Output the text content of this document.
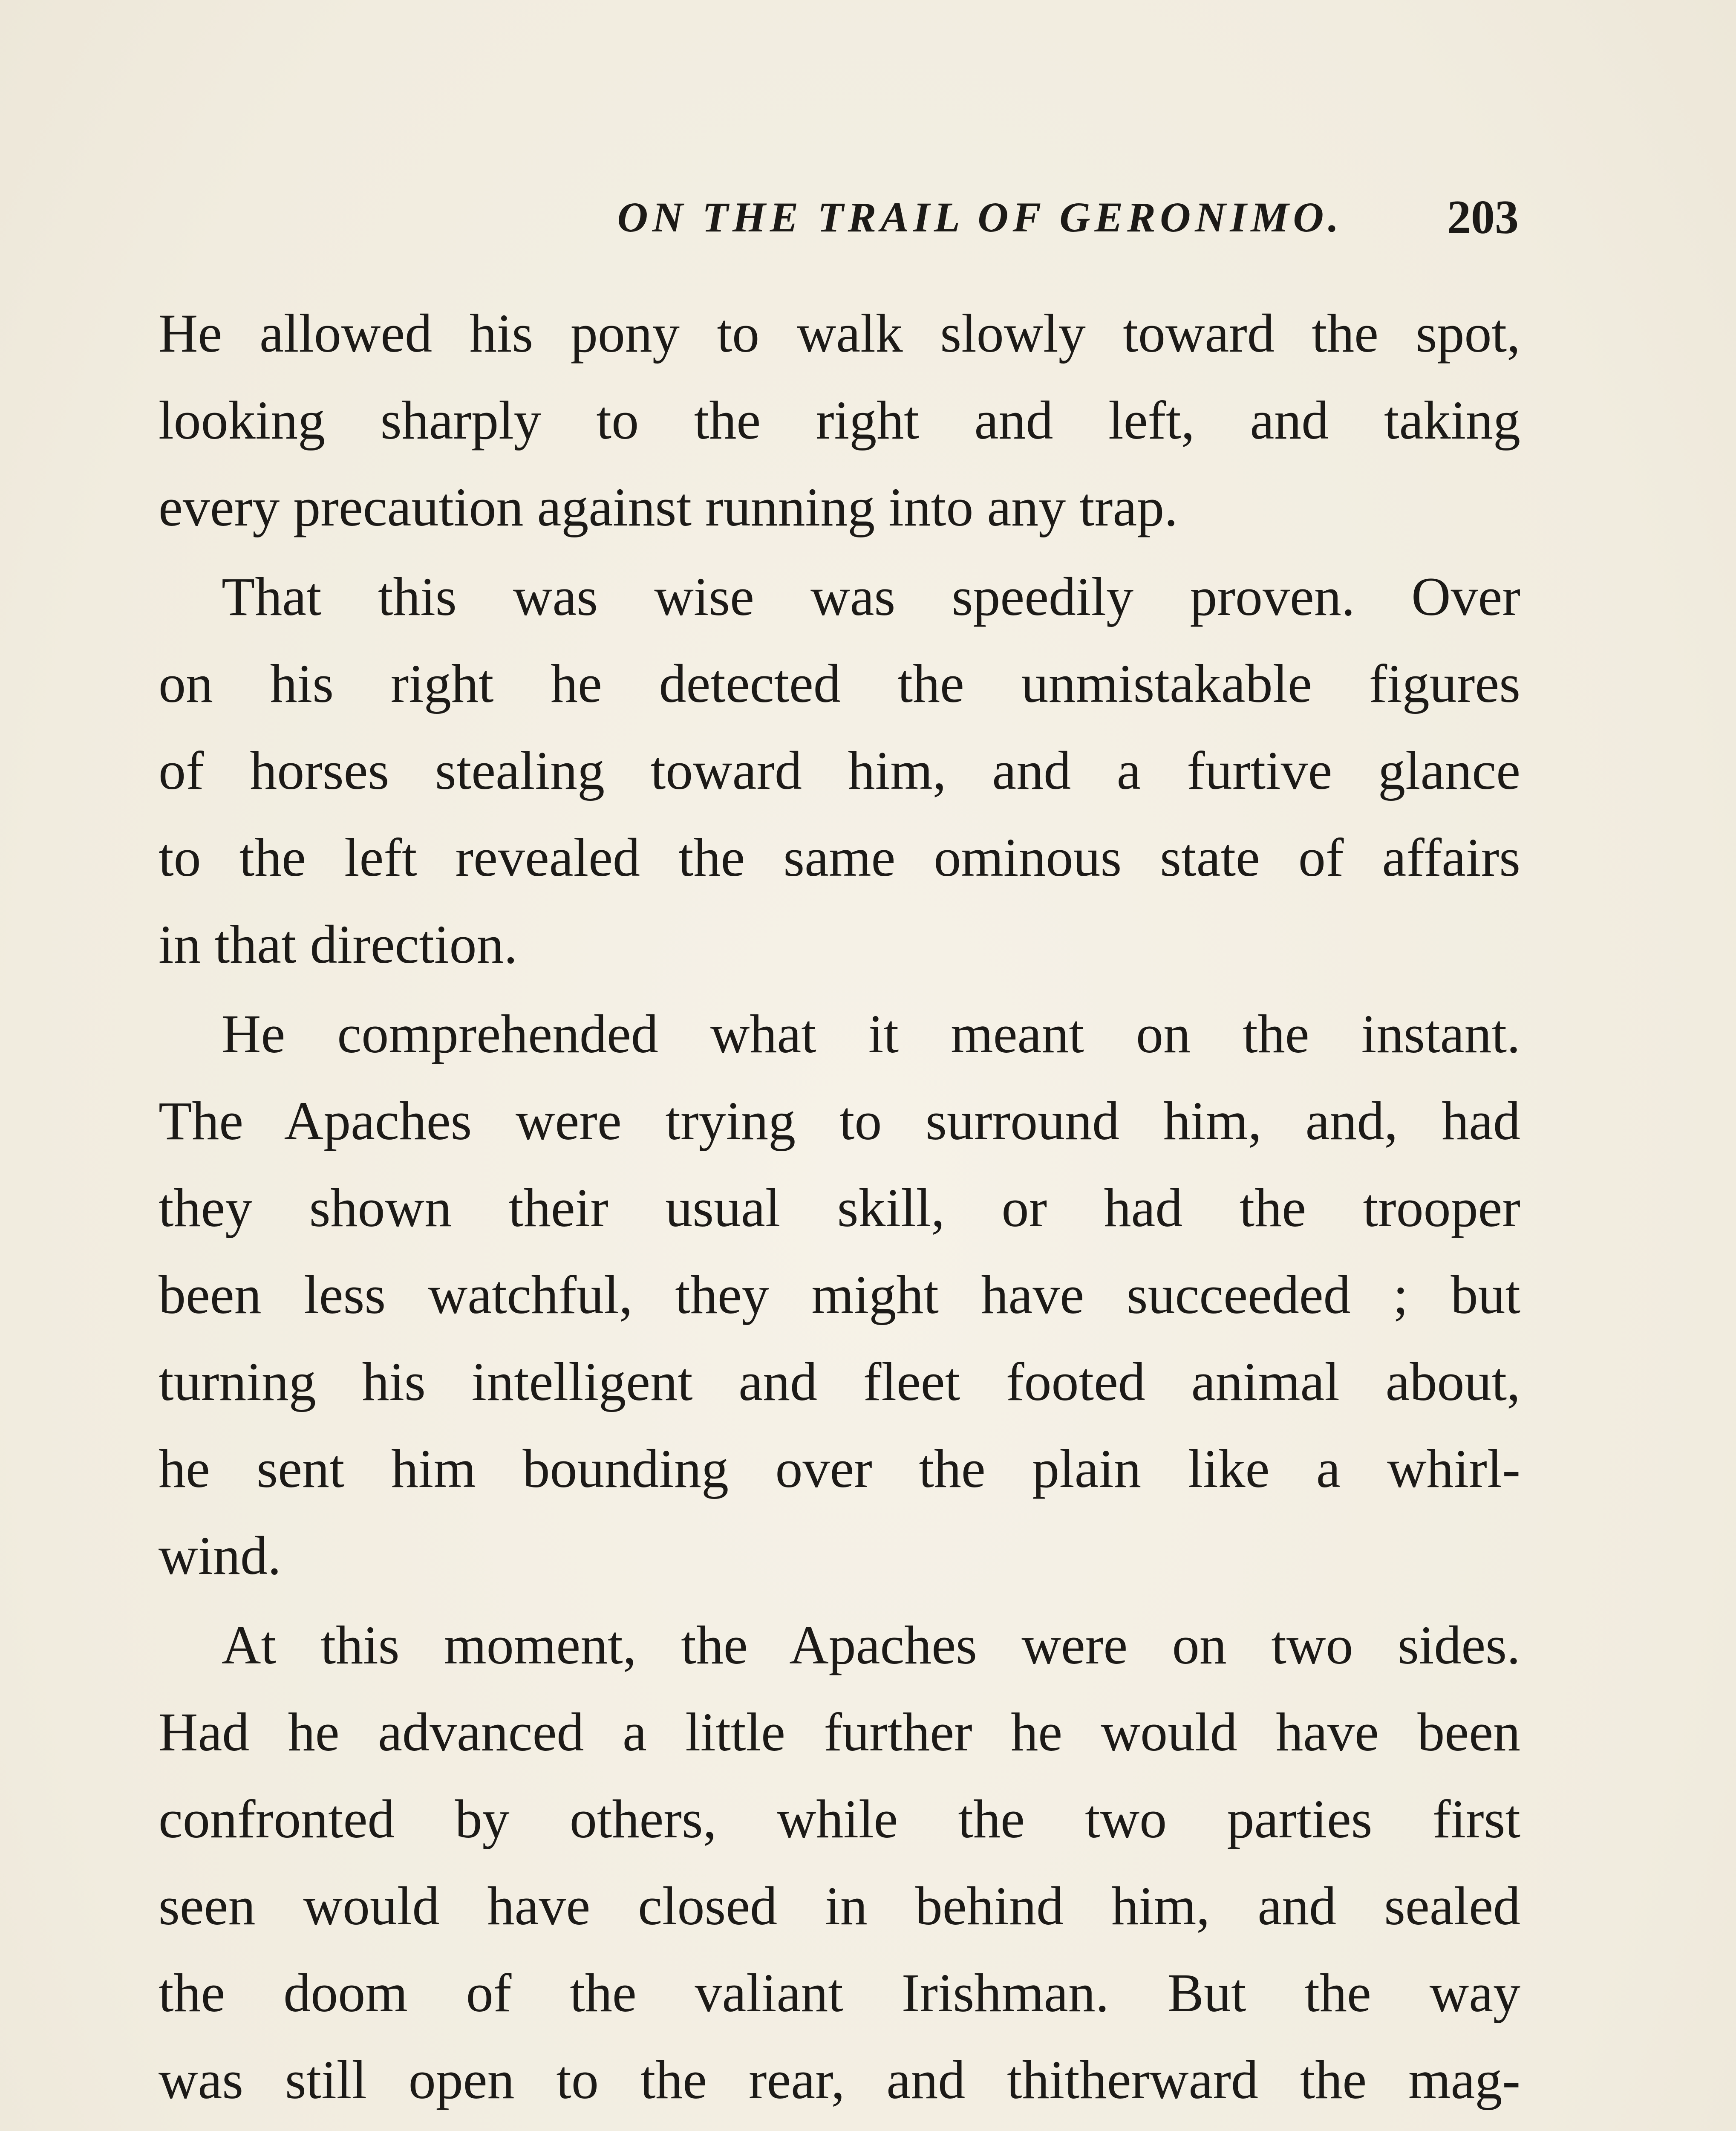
ON THE TRAIL OF GERONIMO.	203
He allowed his pony to walk slowly toward the spot,
looking sharply to the right and left, and taking
every precaution against running into any trap.
That this was wise was speedily proven. Over
on his right he detected the unmistakable figures
of horses stealing toward him, and a furtive glance
to the left revealed the same ominous state of affairs
in that direction.
He comprehended what it meant on the instant.
The Apaches were trying to surround him, and, had
they shown their usual skill, or had the trooper
been less watchful, they might have succeeded ; but
turning his intelligent and fleet footed animal about,
he sent him bounding over the plain like a whirl-
wind.
At this moment, the Apaches were on two sides.
Had he advanced a little further he would have been
confronted by others, while the two parties first
seen would have closed in behind him, and sealed
the doom of the valiant Irishman. But the way
was still open to the rear, and thitherward the mag-
